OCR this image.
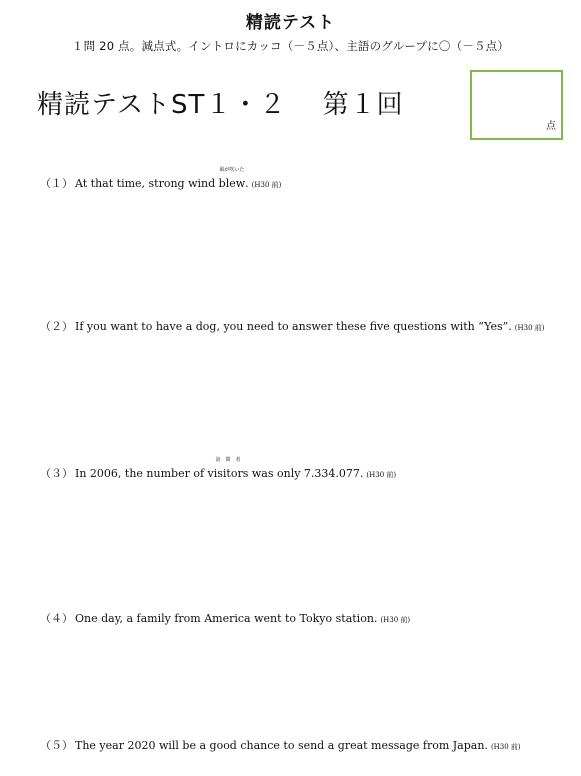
精読テスト
１問 20 点。減点式。イントロにカッコ（－５点）、主語のグループに〇（－５点）
精読テストST１・２　 第１回
点
（１） At that time, strong wind
風が吹いた
blew. (H30 前)
（２） If you want to have a dog, you need to answer these five questions with “Yes”. (H30 前)
（３） In 2006, the number of
訪　問　者
visitors was only 7.334.077. (H30 前)
（４） One day, a family from America went to Tokyo station. (H30 前)
（５） The year 2020 will be a good chance to send a great message from Japan. (H30 前)
